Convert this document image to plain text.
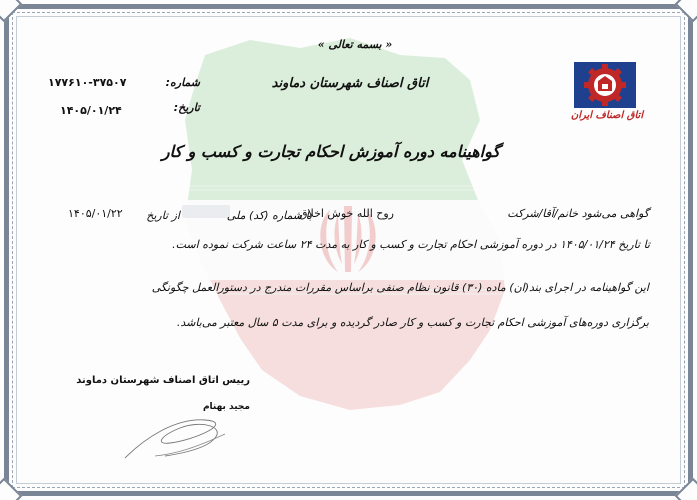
« بسمه تعالی »
اتاق اصناف شهرستان دماوند
گواهینامه دوره آموزش احکام تجارت و کسب و کار
شماره:
۱۷۷۶۱۰-۳۷۵۰۷
تاریخ:
۱۴۰۵/۰۱/۲۴	اتاق اصناف ایران
گواهی می‌شود خانم/آقا/شرکت
روح الله خوش اخلاق
با شماره (کد) ملی
از تاریخ
۱۴۰۵/۰۱/۲۲
تا تاریخ ۱۴۰۵/۰۱/۲۴ در دوره آموزشی احکام تجارت و کسب و کار به مدت ۲۴ ساعت شرکت نموده است.
این گواهینامه در اجرای بند(ان) ماده (۳۰) قانون نظام صنفی براساس مقررات مندرج در دستورالعمل چگونگی
برگزاری دوره‌های آموزشی احکام تجارت و کسب و کار صادر گردیده و برای مدت ۵ سال معتبر می‌باشد.
رییس اتاق اصناف شهرستان دماوند
مجید بهنام
